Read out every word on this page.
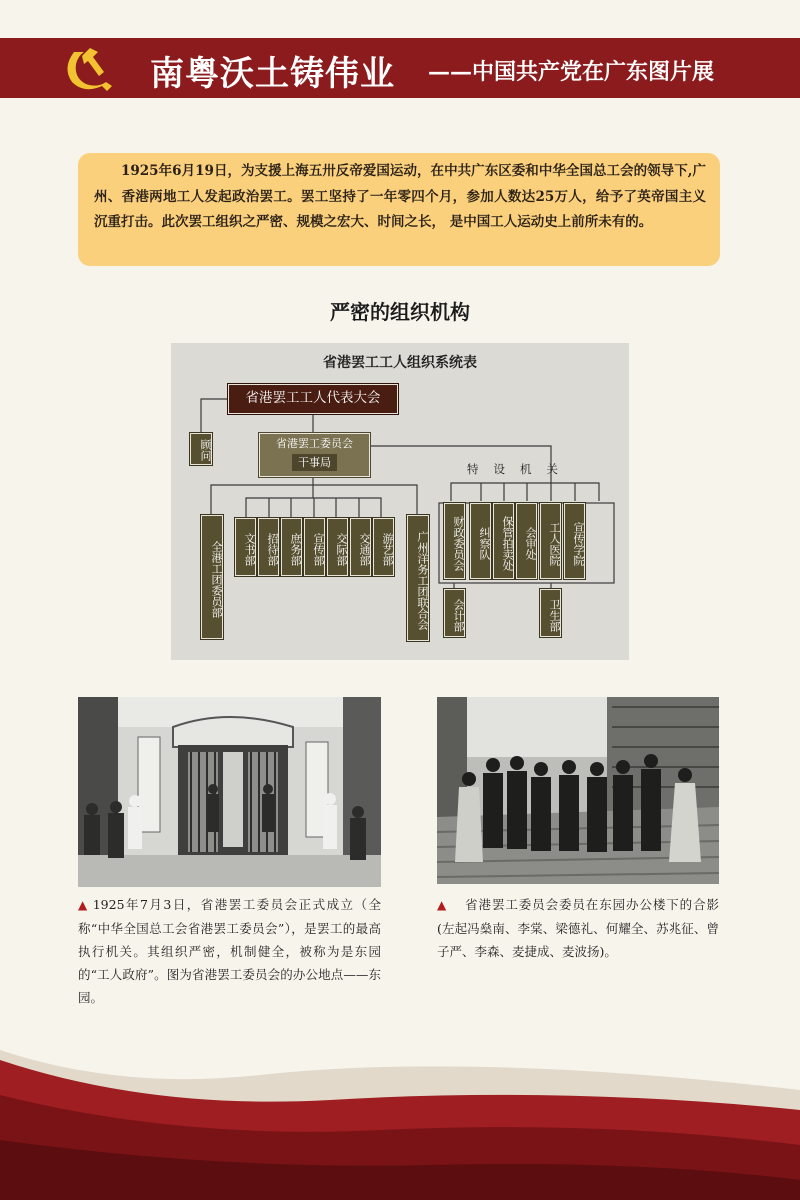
南粤沃土铸伟业 ——中国共产党在广东图片展

1925年6月19日，为支援上海五卅反帝爱国运动，在中共广东区委和中华全国总工会的领导下,广州、香港两地工人发起政治罢工。罢工坚持了一年零四个月，参加人数达25万人，给予了英帝国主义沉重打击。此次罢工组织之严密、规模之宏大、时间之长， 是中国工人运动史上前所未有的。

严密的组织机构
省港罢工工人组织系统表
省港罢工工人代表大会
顾问	省港罢工委员会
干事局
全港工团委员部	文书部 招待部 庶务部 宣传部 交际部 交通部 游艺部	广州洋务工团联合会
特设机关
财政委员会	纠察队 保管拍卖处 会审处	工人医院	宣传学院
会计部	卫生部
▲ 1925年7月3日，省港罢工委员会正式成立（全称“中华全国总工会省港罢工委员会”），是罢工的最高执行机关。其组织严密，机制健全，被称为是东园的“工人政府”。图为省港罢工委员会的办公地点——东园。
▲ 省港罢工委员会委员在东园办公楼下的合影(左起冯燊南、李棠、梁德礼、何耀全、苏兆征、曾子严、李森、麦捷成、麦波扬)。
